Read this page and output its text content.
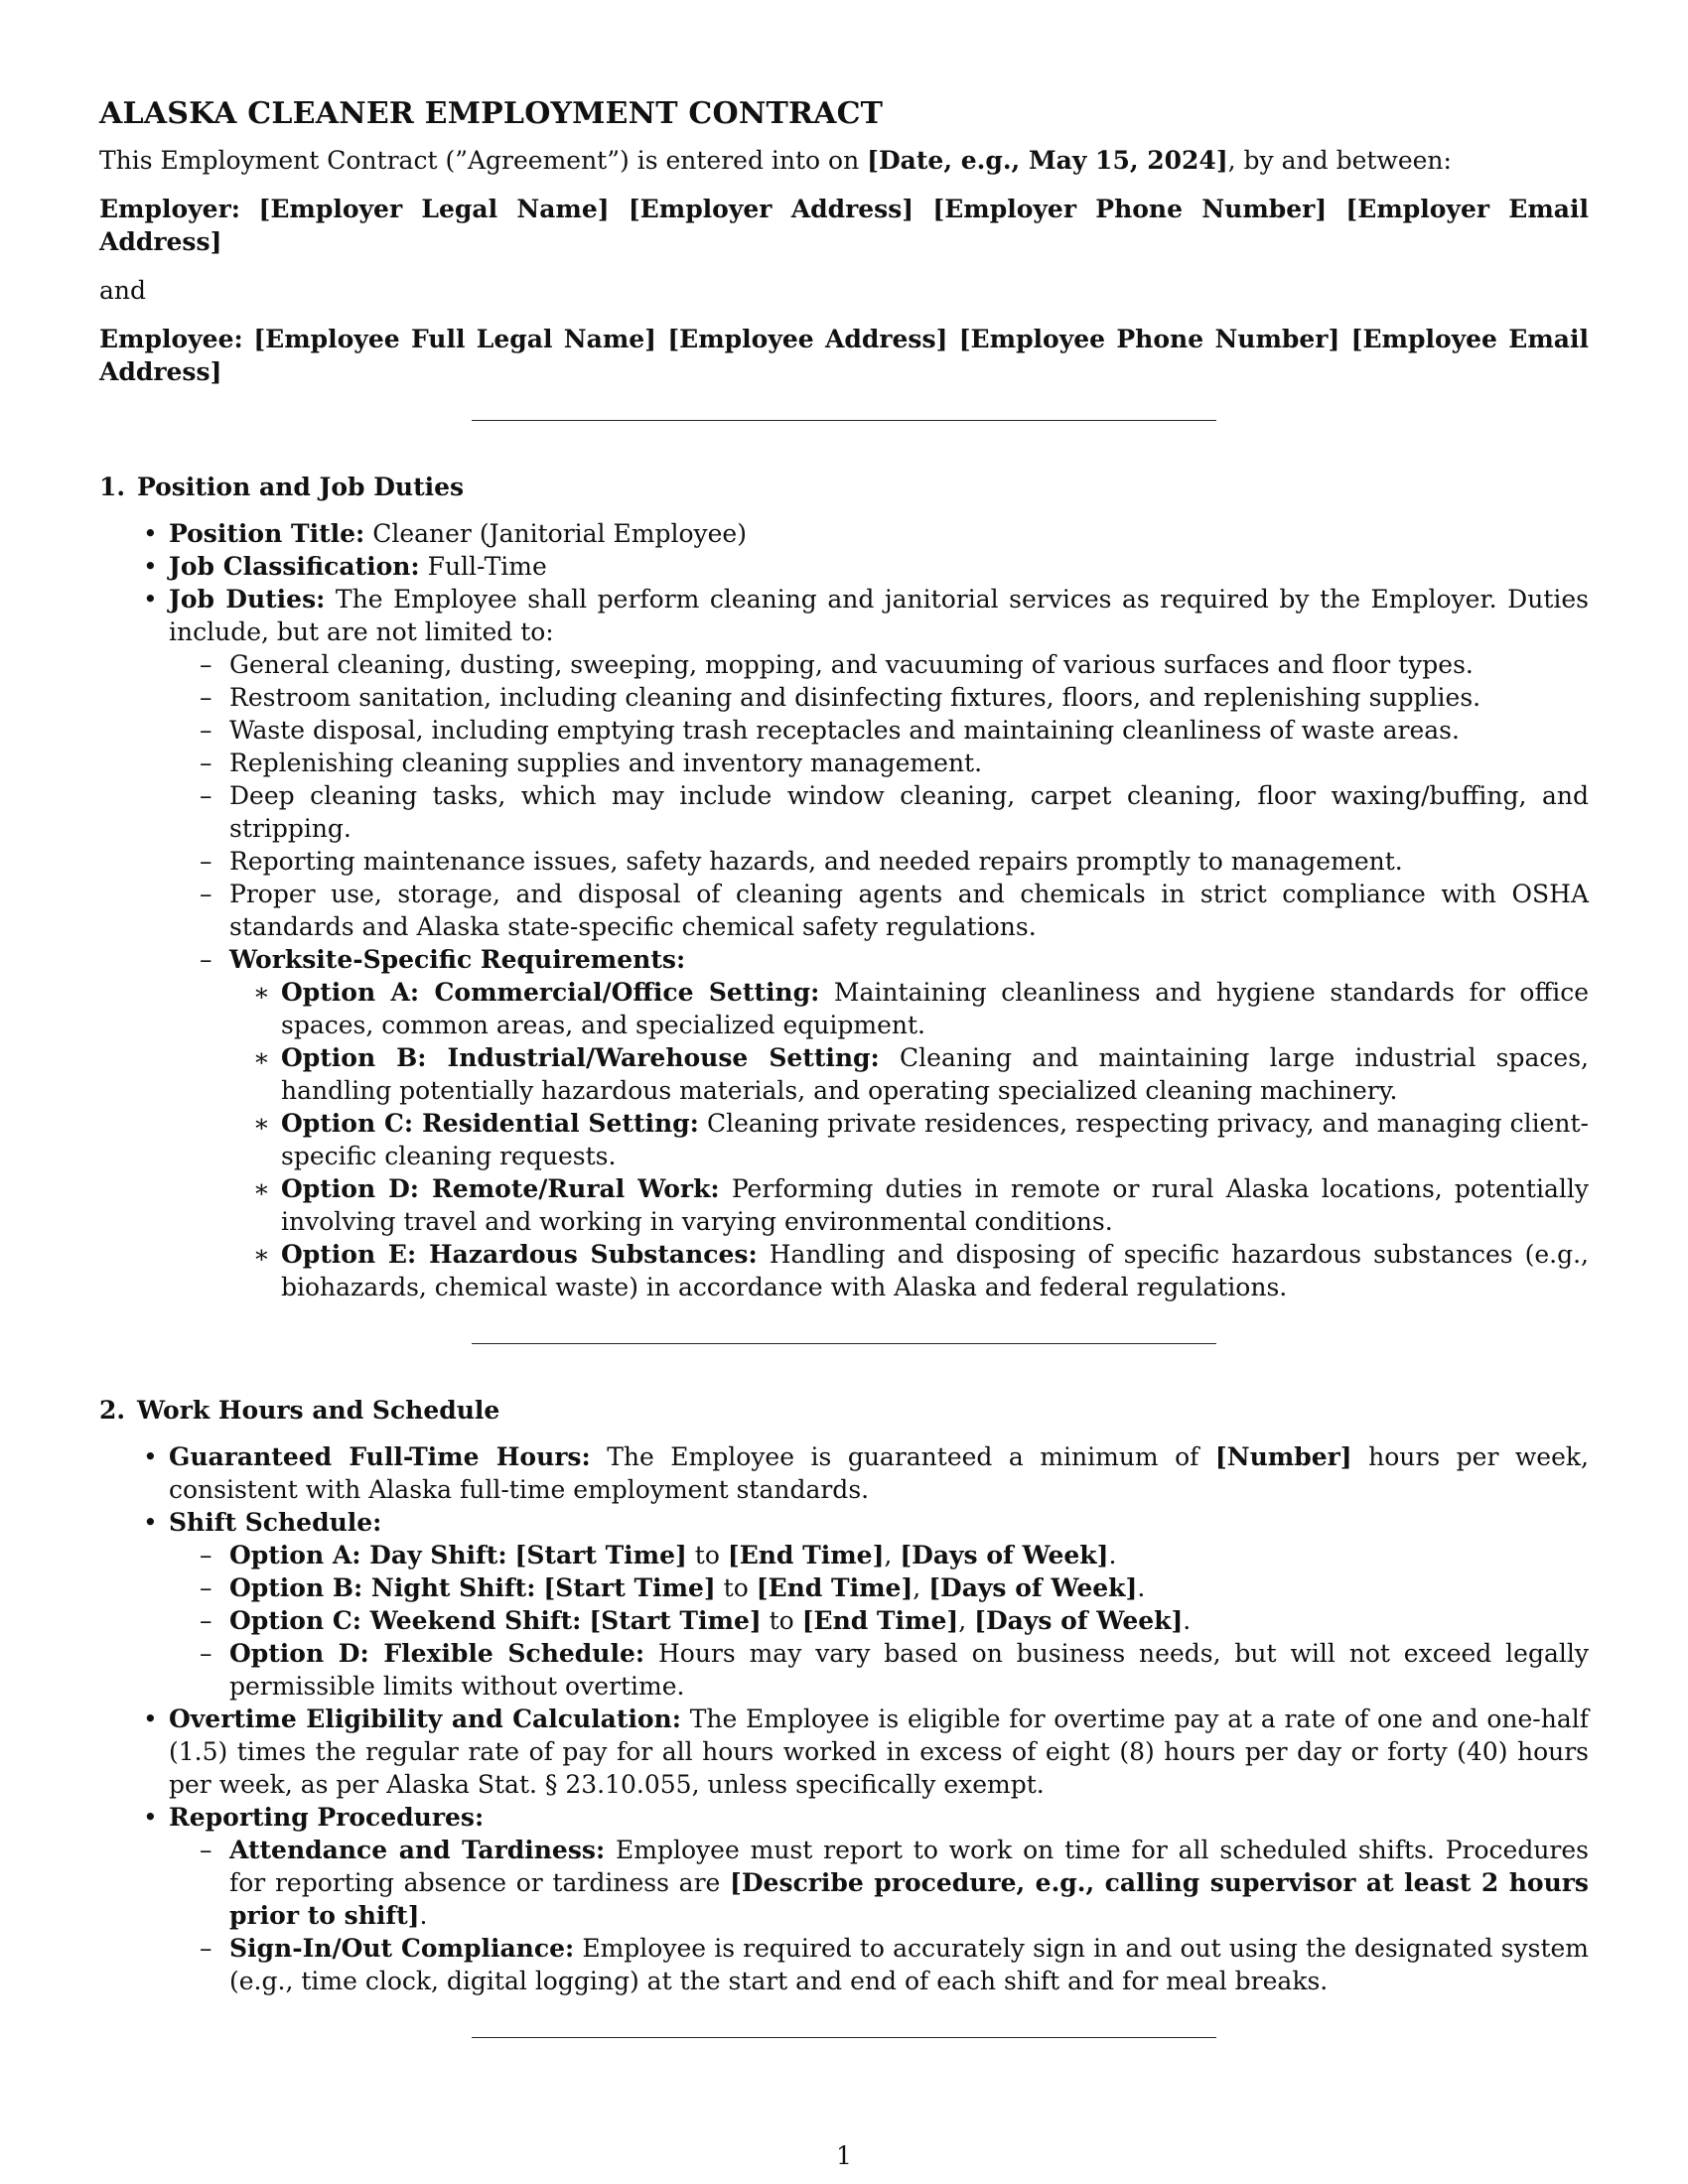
ALASKA CLEANER EMPLOYMENT CONTRACT

This Employment Contract (”Agreement”) is entered into on [Date, e.g., May 15, 2024], by and between:

Employer: [Employer Legal Name] [Employer Address] [Employer Phone Number] [Employer Email Address]

and

Employee: [Employee Full Legal Name] [Employee Address] [Employee Phone Number] [Employee Email Address]

1. Position and Job Duties
• Position Title: Cleaner (Janitorial Employee)
• Job Classification: Full-Time
• Job Duties: The Employee shall perform cleaning and janitorial services as required by the Employer. Duties include, but are not limited to:
– General cleaning, dusting, sweeping, mopping, and vacuuming of various surfaces and floor types.
– Restroom sanitation, including cleaning and disinfecting fixtures, floors, and replenishing supplies.
– Waste disposal, including emptying trash receptacles and maintaining cleanliness of waste areas.
– Replenishing cleaning supplies and inventory management.
– Deep cleaning tasks, which may include window cleaning, carpet cleaning, floor waxing/buffing, and stripping.
– Reporting maintenance issues, safety hazards, and needed repairs promptly to management.
– Proper use, storage, and disposal of cleaning agents and chemicals in strict compliance with OSHA standards and Alaska state-specific chemical safety regulations.
– Worksite-Specific Requirements:
∗ Option A: Commercial/Office Setting: Maintaining cleanliness and hygiene standards for office spaces, common areas, and specialized equipment.
∗ Option B: Industrial/Warehouse Setting: Cleaning and maintaining large industrial spaces, handling potentially hazardous materials, and operating specialized cleaning machinery.
∗ Option C: Residential Setting: Cleaning private residences, respecting privacy, and managing client-specific cleaning requests.
∗ Option D: Remote/Rural Work: Performing duties in remote or rural Alaska locations, potentially involving travel and working in varying environmental conditions.
∗ Option E: Hazardous Substances: Handling and disposing of specific hazardous substances (e.g., biohazards, chemical waste) in accordance with Alaska and federal regulations.
2. Work Hours and Schedule
• Guaranteed Full-Time Hours: The Employee is guaranteed a minimum of [Number] hours per week, consistent with Alaska full-time employment standards.
• Shift Schedule:
– Option A: Day Shift: [Start Time] to [End Time], [Days of Week].
– Option B: Night Shift: [Start Time] to [End Time], [Days of Week].
– Option C: Weekend Shift: [Start Time] to [End Time], [Days of Week].
– Option D: Flexible Schedule: Hours may vary based on business needs, but will not exceed legally permissible limits without overtime.
• Overtime Eligibility and Calculation: The Employee is eligible for overtime pay at a rate of one and one-half (1.5) times the regular rate of pay for all hours worked in excess of eight (8) hours per day or forty (40) hours per week, as per Alaska Stat. § 23.10.055, unless specifically exempt.
• Reporting Procedures:
– Attendance and Tardiness: Employee must report to work on time for all scheduled shifts. Procedures for reporting absence or tardiness are [Describe procedure, e.g., calling supervisor at least 2 hours prior to shift].
– Sign-In/Out Compliance: Employee is required to accurately sign in and out using the designated system (e.g., time clock, digital logging) at the start and end of each shift and for meal breaks.
1
